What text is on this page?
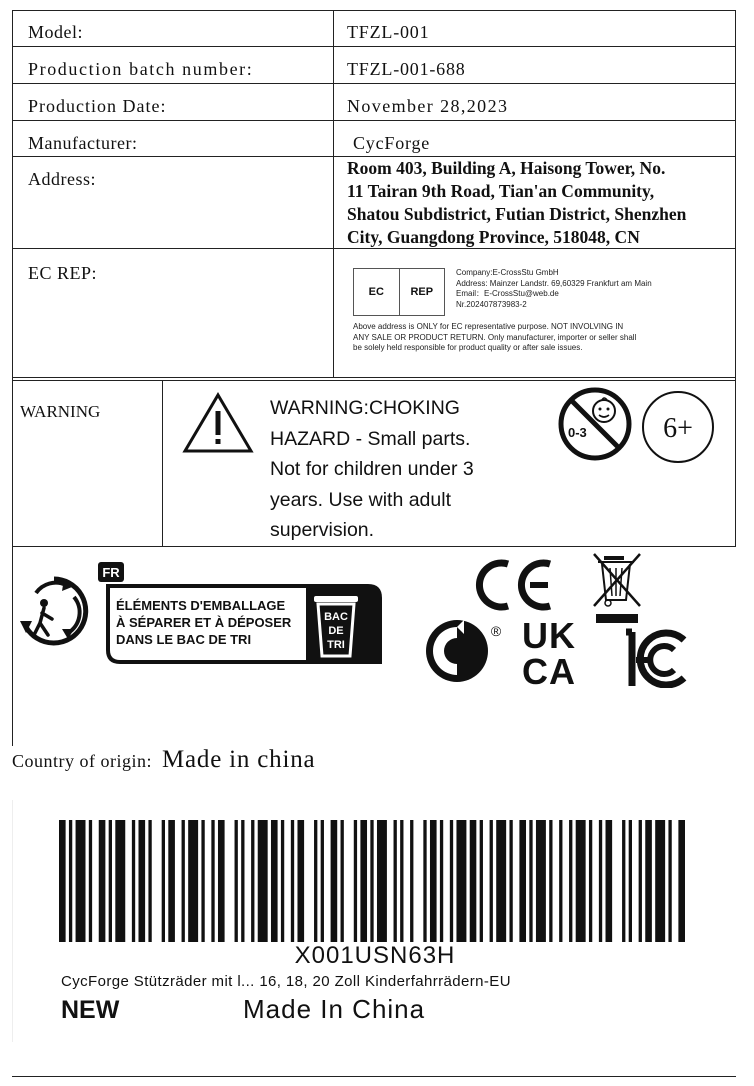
Model:	TFZL-001
Production batch number:	TFZL-001-688
Production Date:	November 28,2023
Manufacturer:	CycForge
Address:
Room 403, Building A, Haisong Tower, No.
11 Tairan 9th Road, Tian'an Community,
Shatou Subdistrict, Futian District, Shenzhen
City, Guangdong Province, 518048, CN
EC REP:
EC	REP
Company:E-CrossStu GmbH
Address: Mainzer Landstr. 69,60329 Frankfurt am Main
Email：E-CrossStu@web.de
Nr.202407873983-2
Above address is ONLY for EC representative purpose. NOT INVOLVING IN
ANY SALE OR PRODUCT RETURN. Only manufacturer, importer or seller shall
be solely held responsible for product quality or after sale issues.
WARNING	WARNING:CHOKING
HAZARD - Small parts.
Not for children under 3
years. Use with adult
supervision.
0-3	6+
FR
ÉLÉMENTS D'EMBALLAGE
À SÉPARER ET À DÉPOSER
DANS LE BAC DE TRI
BAC
DE
TRI
® UK
CA
Country of origin: Made in china
X001USN63H
CycForge Stützräder mit l... 16, 18, 20 Zoll Kinderfahrrädern-EU
NEW	Made In China
